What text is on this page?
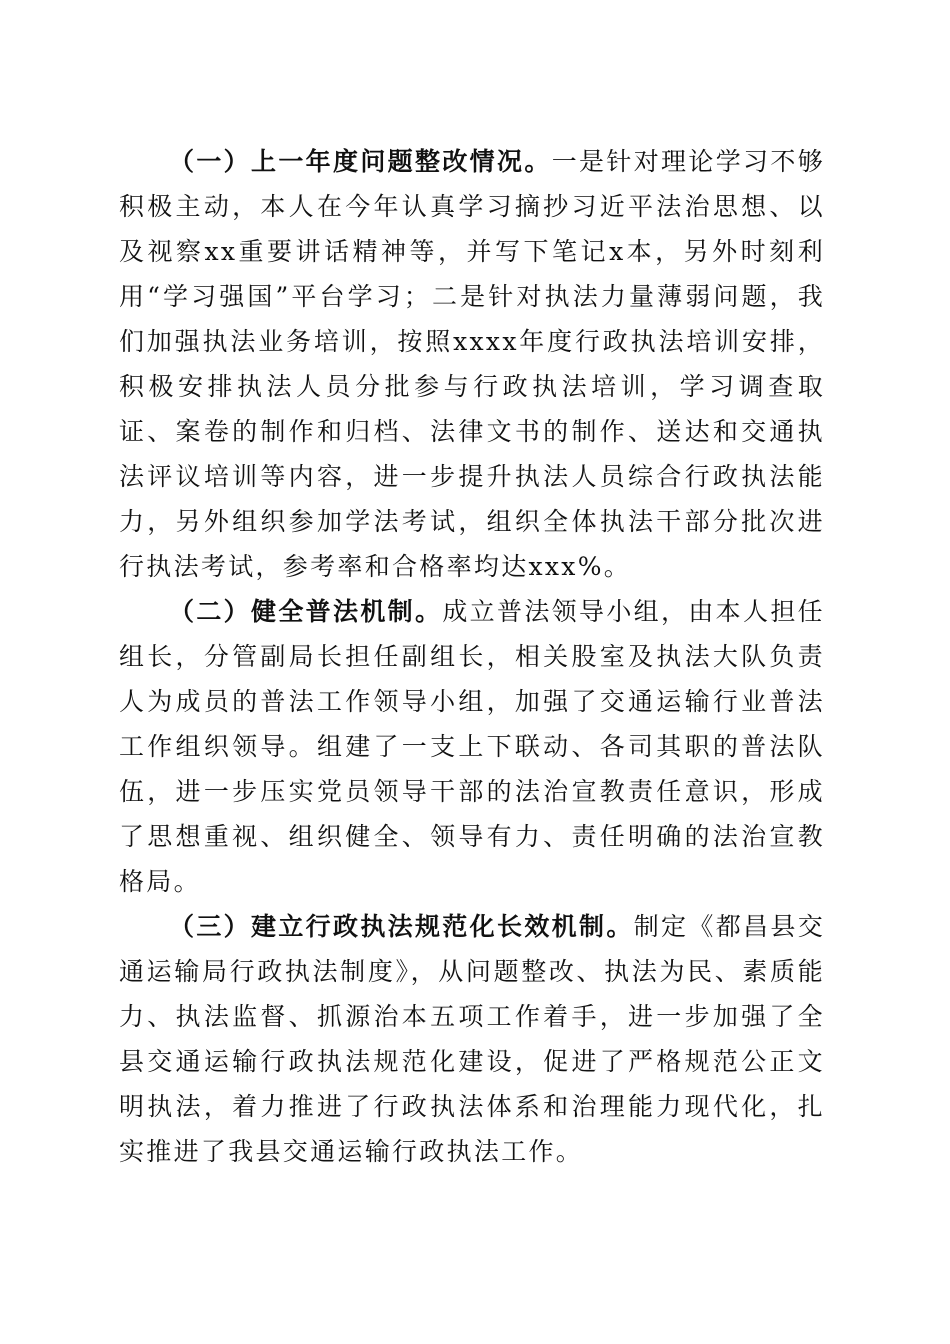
（一）上一年度问题整改情况。一是针对理论学习不够积极主动，本人在今年认真学习摘抄习近平法治思想、以及视察xx重要讲话精神等，并写下笔记x本，另外时刻利用“学习强国”平台学习；二是针对执法力量薄弱问题，我们加强执法业务培训，按照xxxx年度行政执法培训安排，积极安排执法人员分批参与行政执法培训，学习调查取证、案卷的制作和归档、法律文书的制作、送达和交通执法评议培训等内容，进一步提升执法人员综合行政执法能力，另外组织参加学法考试，组织全体执法干部分批次进行执法考试，参考率和合格率均达xxx%。

（二）健全普法机制。成立普法领导小组，由本人担任组长，分管副局长担任副组长，相关股室及执法大队负责人为成员的普法工作领导小组，加强了交通运输行业普法工作组织领导。组建了一支上下联动、各司其职的普法队伍，进一步压实党员领导干部的法治宣教责任意识，形成了思想重视、组织健全、领导有力、责任明确的法治宣教格局。

（三）建立行政执法规范化长效机制。制定《都昌县交通运输局行政执法制度》，从问题整改、执法为民、素质能力、执法监督、抓源治本五项工作着手，进一步加强了全县交通运输行政执法规范化建设，促进了严格规范公正文明执法，着力推进了行政执法体系和治理能力现代化，扎实推进了我县交通运输行政执法工作。
